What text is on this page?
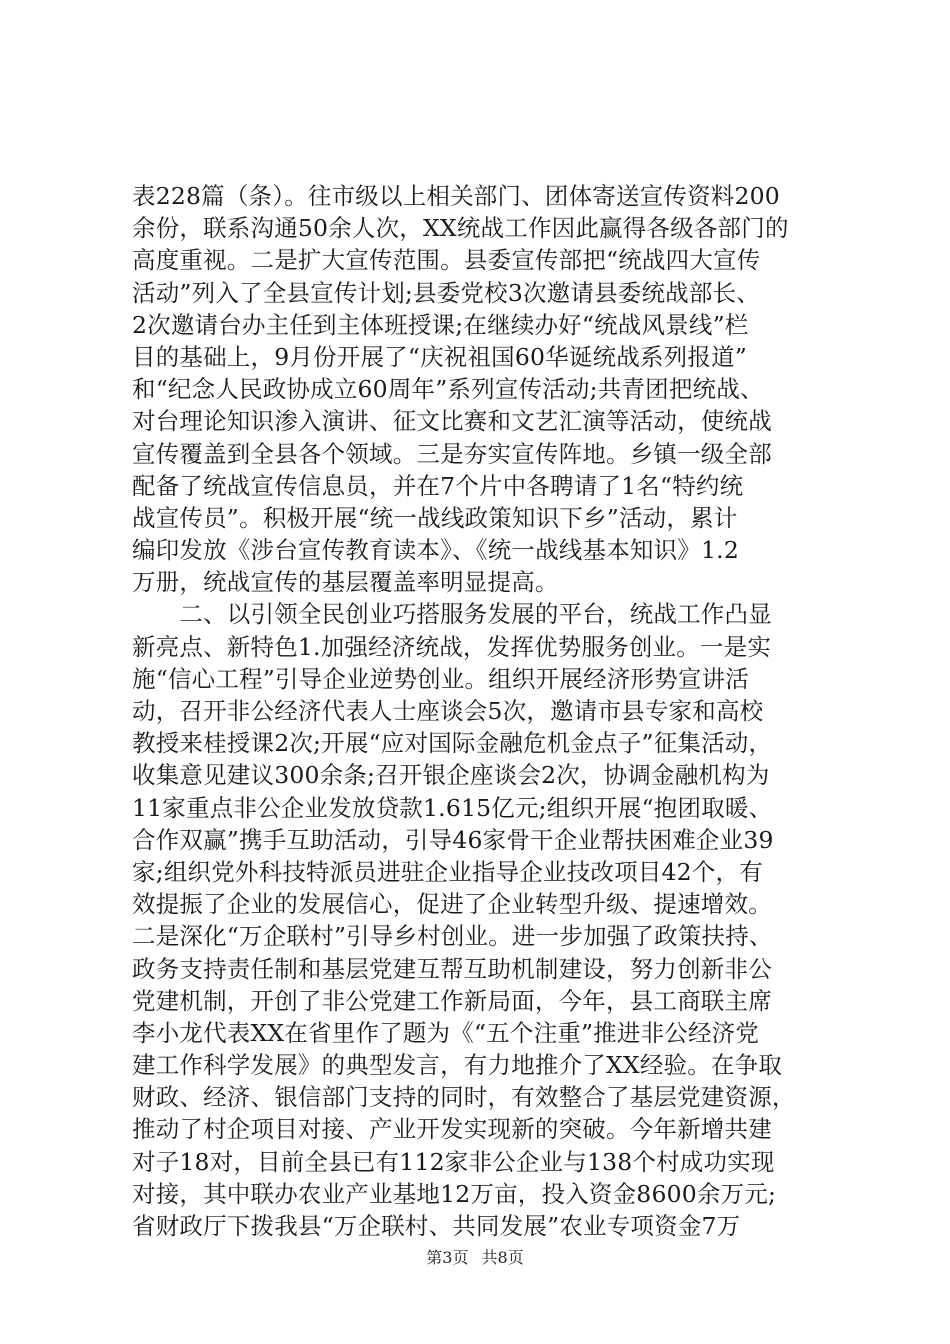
表228篇（条）。往市级以上相关部门、团体寄送宣传资料200
余份，联系沟通50余人次，XX统战工作因此赢得各级各部门的
高度重视。二是扩大宣传范围。县委宣传部把“统战四大宣传
活动”列入了全县宣传计划;县委党校3次邀请县委统战部长、
2次邀请台办主任到主体班授课;在继续办好“统战风景线”栏
目的基础上，9月份开展了“庆祝祖国60华诞统战系列报道”
和“纪念人民政协成立60周年”系列宣传活动;共青团把统战、
对台理论知识渗入演讲、征文比赛和文艺汇演等活动，使统战
宣传覆盖到全县各个领域。三是夯实宣传阵地。乡镇一级全部
配备了统战宣传信息员，并在7个片中各聘请了1名“特约统
战宣传员”。积极开展“统一战线政策知识下乡”活动，累计
编印发放《涉台宣传教育读本》、《统一战线基本知识》1.2
万册，统战宣传的基层覆盖率明显提高。
　　二、以引领全民创业巧搭服务发展的平台，统战工作凸显
新亮点、新特色1.加强经济统战，发挥优势服务创业。一是实
施“信心工程”引导企业逆势创业。组织开展经济形势宣讲活
动，召开非公经济代表人士座谈会5次，邀请市县专家和高校
教授来桂授课2次;开展“应对国际金融危机金点子”征集活动，
收集意见建议300余条;召开银企座谈会2次，协调金融机构为
11家重点非公企业发放贷款1.615亿元;组织开展“抱团取暖、
合作双赢”携手互助活动，引导46家骨干企业帮扶困难企业39
家;组织党外科技特派员进驻企业指导企业技改项目42个，有
效提振了企业的发展信心，促进了企业转型升级、提速增效。
二是深化“万企联村”引导乡村创业。进一步加强了政策扶持、
政务支持责任制和基层党建互帮互助机制建设，努力创新非公
党建机制，开创了非公党建工作新局面，今年，县工商联主席
李小龙代表XX在省里作了题为《“五个注重”推进非公经济党
建工作科学发展》的典型发言，有力地推介了XX经验。在争取
财政、经济、银信部门支持的同时，有效整合了基层党建资源，
推动了村企项目对接、产业开发实现新的突破。今年新增共建
对子18对，目前全县已有112家非公企业与138个村成功实现
对接，其中联办农业产业基地12万亩，投入资金8600余万元;
省财政厅下拨我县“万企联村、共同发展”农业专项资金7万
第3页 共8页
